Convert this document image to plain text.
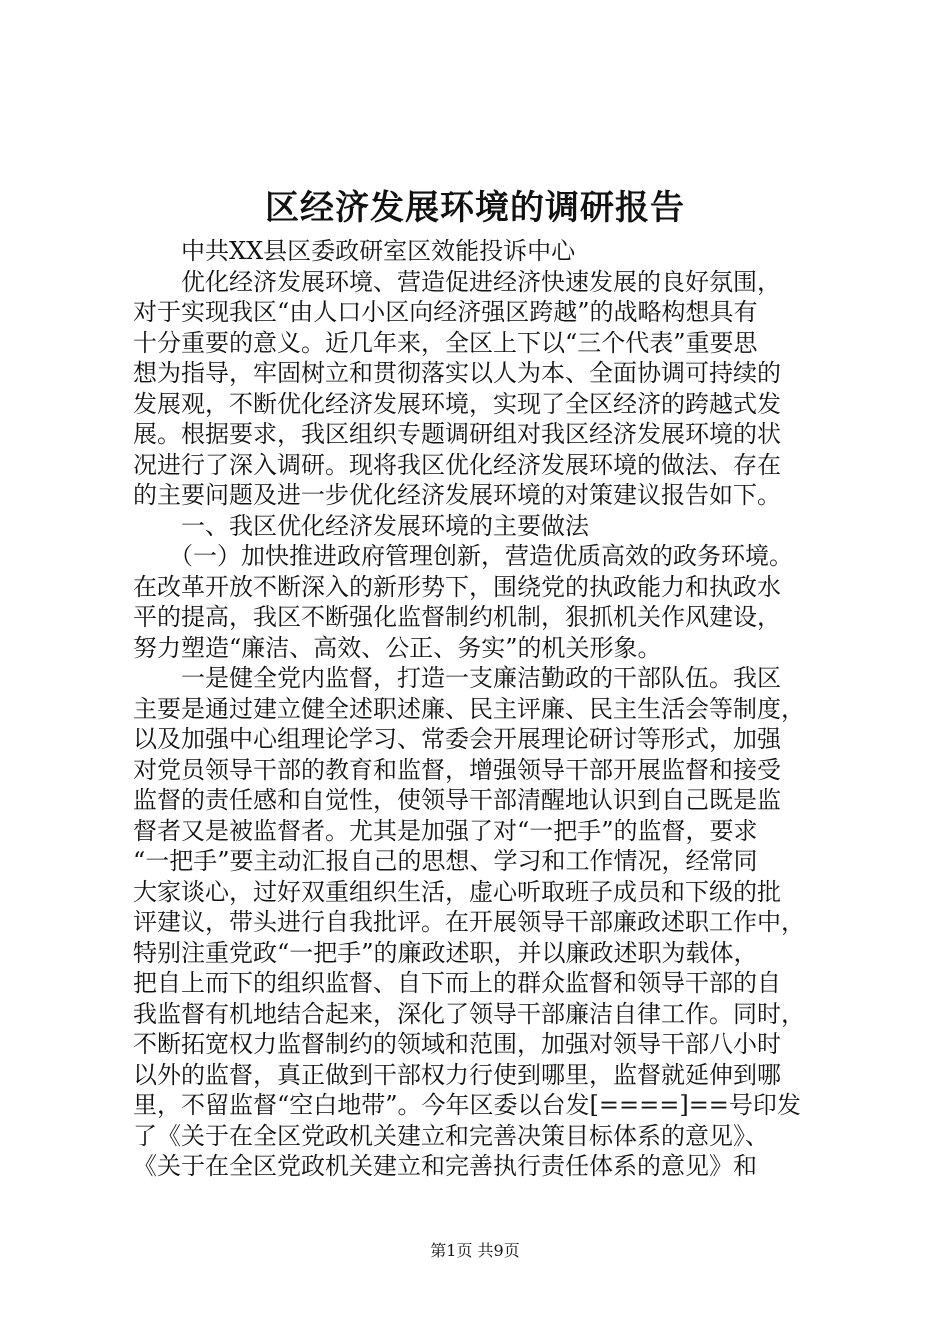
区经济发展环境的调研报告
　　中共XX县区委政研室区效能投诉中心
　　优化经济发展环境、营造促进经济快速发展的良好氛围，
对于实现我区“由人口小区向经济强区跨越”的战略构想具有
十分重要的意义。近几年来，全区上下以“三个代表”重要思
想为指导，牢固树立和贯彻落实以人为本、全面协调可持续的
发展观，不断优化经济发展环境，实现了全区经济的跨越式发
展。根据要求，我区组织专题调研组对我区经济发展环境的状
况进行了深入调研。现将我区优化经济发展环境的做法、存在
的主要问题及进一步优化经济发展环境的对策建议报告如下。
　　一、我区优化经济发展环境的主要做法
　　（一）加快推进政府管理创新，营造优质高效的政务环境。
在改革开放不断深入的新形势下，围绕党的执政能力和执政水
平的提高，我区不断强化监督制约机制，狠抓机关作风建设，
努力塑造“廉洁、高效、公正、务实”的机关形象。
　　一是健全党内监督，打造一支廉洁勤政的干部队伍。我区
主要是通过建立健全述职述廉、民主评廉、民主生活会等制度，
以及加强中心组理论学习、常委会开展理论研讨等形式，加强
对党员领导干部的教育和监督，增强领导干部开展监督和接受
监督的责任感和自觉性，使领导干部清醒地认识到自己既是监
督者又是被监督者。尤其是加强了对“一把手”的监督，要求
“一把手”要主动汇报自己的思想、学习和工作情况，经常同
大家谈心，过好双重组织生活，虚心听取班子成员和下级的批
评建议，带头进行自我批评。在开展领导干部廉政述职工作中，
特别注重党政“一把手”的廉政述职，并以廉政述职为载体，
把自上而下的组织监督、自下而上的群众监督和领导干部的自
我监督有机地结合起来，深化了领导干部廉洁自律工作。同时，
不断拓宽权力监督制约的领域和范围，加强对领导干部八小时
以外的监督，真正做到干部权力行使到哪里，监督就延伸到哪
里，不留监督“空白地带”。今年区委以台发[====]==号印发
了《关于在全区党政机关建立和完善决策目标体系的意见》、
《关于在全区党政机关建立和完善执行责任体系的意见》和
第1页 共9页
